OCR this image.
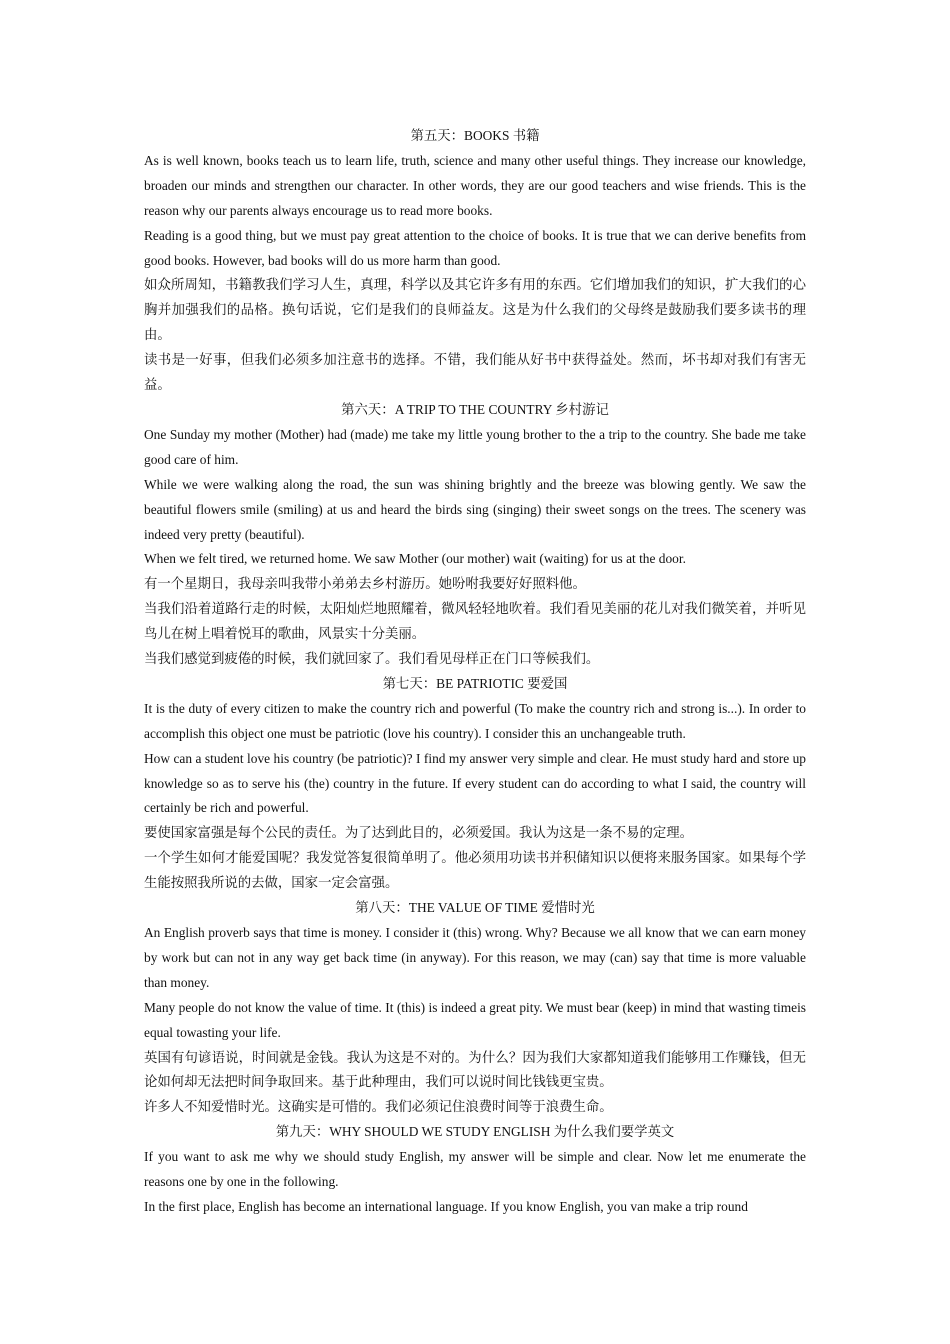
第五天：BOOKS 书籍

As is well known, books teach us to learn life, truth, science and many other useful things. They increase our knowledge, broaden our minds and strengthen our character. In other words, they are our good teachers and wise friends. This is the reason why our parents always encourage us to read more books.

Reading is a good thing, but we must pay great attention to the choice of books. It is true that we can derive benefits from good books. However, bad books will do us more harm than good.

如众所周知，书籍教我们学习人生，真理，科学以及其它许多有用的东西。它们增加我们的知识，扩大我们的心胸并加强我们的品格。换句话说，它们是我们的良师益友。这是为什么我们的父母终是鼓励我们要多读书的理由。

读书是一好事，但我们必须多加注意书的选择。不错，我们能从好书中获得益处。然而，坏书却对我们有害无益。

第六天：A TRIP TO THE COUNTRY 乡村游记

One Sunday my mother (Mother) had (made) me take my little young brother to the a trip to the country. She bade me take good care of him.

While we were walking along the road, the sun was shining brightly and the breeze was blowing gently. We saw the beautiful flowers smile (smiling) at us and heard the birds sing (singing) their sweet songs on the trees. The scenery was indeed very pretty (beautiful).

When we felt tired, we returned home. We saw Mother (our mother) wait (waiting) for us at the door.

有一个星期日，我母亲叫我带小弟弟去乡村游历。她吩咐我要好好照料他。

当我们沿着道路行走的时候，太阳灿烂地照耀着，微风轻轻地吹着。我们看见美丽的花儿对我们微笑着，并听见鸟儿在树上唱着悦耳的歌曲，风景实十分美丽。

当我们感觉到疲倦的时候，我们就回家了。我们看见母样正在门口等候我们。

第七天：BE PATRIOTIC 要爱国

It is the duty of every citizen to make the country rich and powerful (To make the country rich and strong is...). In order to accomplish this object one must be patriotic (love his country). I consider this an unchangeable truth.

How can a student love his country (be patriotic)? I find my answer very simple and clear. He must study hard and store up knowledge so as to serve his (the) country in the future. If every student can do according to what I said, the country will certainly be rich and powerful.

要使国家富强是每个公民的责任。为了达到此目的，必须爱国。我认为这是一条不易的定理。

一个学生如何才能爱国呢？我发觉答复很简单明了。他必须用功读书并积储知识以便将来服务国家。如果每个学生能按照我所说的去做，国家一定会富强。

第八天：THE VALUE OF TIME 爱惜时光

An English proverb says that time is money. I consider it (this) wrong. Why? Because we all know that we can earn money by work but can not in any way get back time (in anyway). For this reason, we may (can) say that time is more valuable than money.

Many people do not know the value of time. It (this) is indeed a great pity. We must bear (keep) in mind that wasting timeis equal towasting your life.

英国有句谚语说，时间就是金钱。我认为这是不对的。为什么？因为我们大家都知道我们能够用工作赚钱，但无论如何却无法把时间争取回来。基于此种理由，我们可以说时间比钱钱更宝贵。

许多人不知爱惜时光。这确实是可惜的。我们必须记住浪费时间等于浪费生命。

第九天：WHY SHOULD WE STUDY ENGLISH 为什么我们要学英文

If you want to ask me why we should study English, my answer will be simple and clear. Now let me enumerate the reasons one by one in the following.

In the first place, English has become an international language. If you know English, you van make a trip round
